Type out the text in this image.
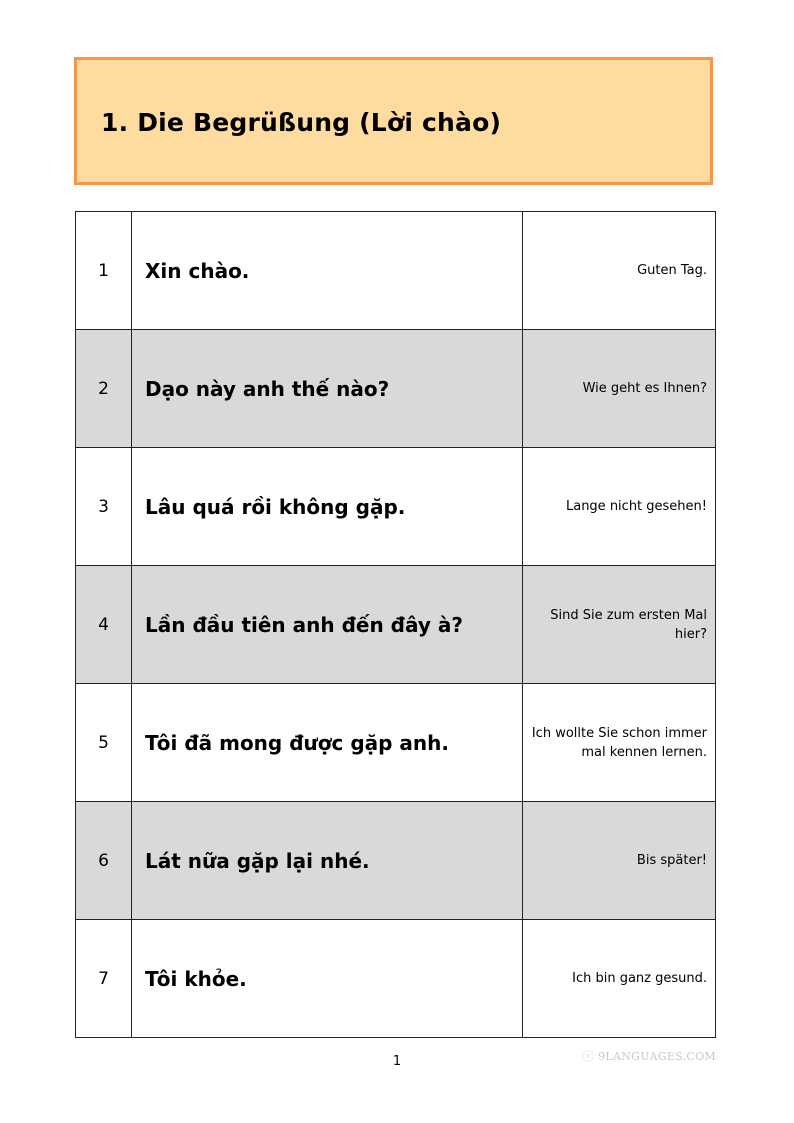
1. Die Begrüßung (Lời chào)
1	Xin chào.	Guten Tag.
2	Dạo này anh thế nào?	Wie geht es Ihnen?
3	Lâu quá rồi không gặp.	Lange nicht gesehen!
4	Lần đầu tiên anh đến đây à?	Sind Sie zum ersten Mal hier?
5	Tôi đã mong được gặp anh.	Ich wollte Sie schon immer mal kennen lernen.
6	Lát nữa gặp lại nhé.	Bis später!
7	Tôi khỏe.	Ich bin ganz gesund.
1	ⓒ 9LANGUAGES.COM
